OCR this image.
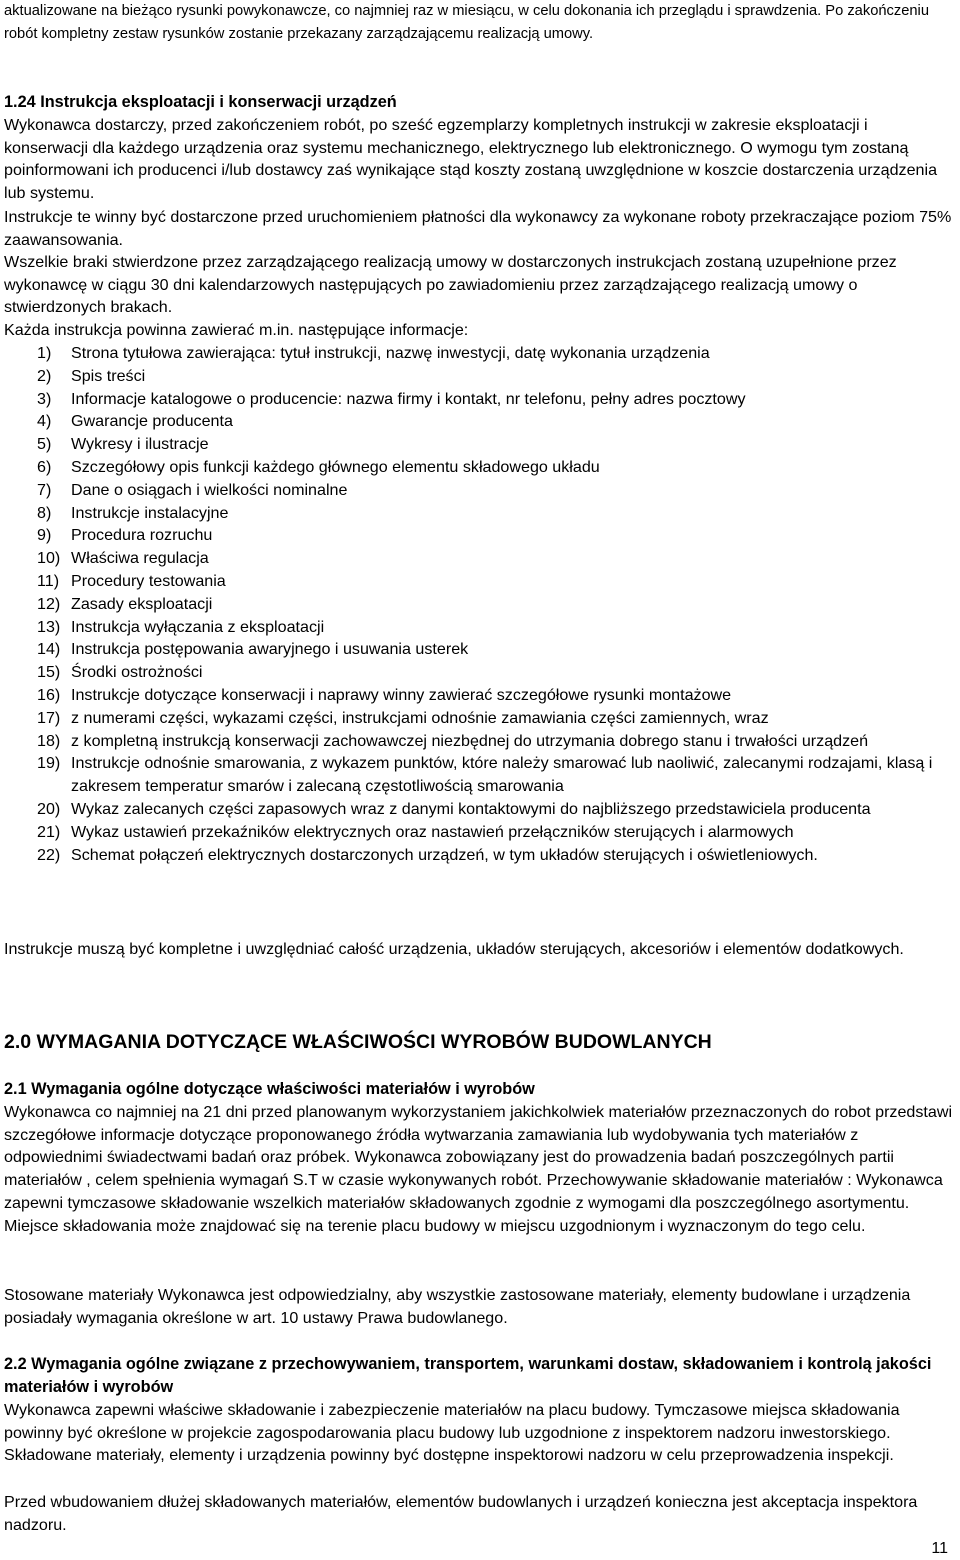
aktualizowane na bieżąco rysunki powykonawcze, co najmniej raz w miesiącu, w celu dokonania ich przeglądu i sprawdzenia. Po zakończeniu robót kompletny zestaw rysunków zostanie przekazany zarządzającemu realizacją umowy.

1.24 Instrukcja eksploatacji i konserwacji urządzeń

Wykonawca dostarczy, przed zakończeniem robót, po sześć egzemplarzy kompletnych instrukcji w zakresie eksploatacji i konserwacji dla każdego urządzenia oraz systemu mechanicznego, elektrycznego lub elektronicznego. O wymogu tym zostaną poinformowani ich producenci i/lub dostawcy zaś wynikające stąd koszty zostaną uwzględnione w koszcie dostarczenia urządzenia lub systemu.

Instrukcje te winny być dostarczone przed uruchomieniem płatności dla wykonawcy za wykonane roboty przekraczające poziom 75% zaawansowania.

Wszelkie braki stwierdzone przez zarządzającego realizacją umowy w dostarczonych instrukcjach zostaną uzupełnione przez wykonawcę w ciągu 30 dni kalendarzowych następujących po zawiadomieniu przez zarządzającego realizacją umowy o stwierdzonych brakach.

Każda instrukcja powinna zawierać m.in. następujące informacje:

1) Strona tytułowa zawierająca: tytuł instrukcji, nazwę inwestycji, datę wykonania urządzenia
2) Spis treści
3) Informacje katalogowe o producencie: nazwa firmy i kontakt, nr telefonu, pełny adres pocztowy
4) Gwarancje producenta
5) Wykresy i ilustracje
6) Szczegółowy opis funkcji każdego głównego elementu składowego układu
7) Dane o osiągach i wielkości nominalne
8) Instrukcje instalacyjne
9) Procedura rozruchu
10) Właściwa regulacja
11) Procedury testowania
12) Zasady eksploatacji
13) Instrukcja wyłączania z eksploatacji
14) Instrukcja postępowania awaryjnego i usuwania usterek
15) Środki ostrożności
16) Instrukcje dotyczące konserwacji i naprawy winny zawierać szczegółowe rysunki montażowe
17) z numerami części, wykazami części, instrukcjami odnośnie zamawiania części zamiennych, wraz
18) z kompletną instrukcją konserwacji zachowawczej niezbędnej do utrzymania dobrego stanu i trwałości urządzeń
19) Instrukcje odnośnie smarowania, z wykazem punktów, które należy smarować lub naoliwić, zalecanymi rodzajami, klasą i zakresem temperatur smarów i zalecaną częstotliwością smarowania
20) Wykaz zalecanych części zapasowych wraz z danymi kontaktowymi do najbliższego przedstawiciela producenta
21) Wykaz ustawień przekaźników elektrycznych oraz nastawień przełączników sterujących i alarmowych
22) Schemat połączeń elektrycznych dostarczonych urządzeń, w tym układów sterujących i oświetleniowych.

Instrukcje muszą być kompletne i uwzględniać całość urządzenia, układów sterujących, akcesoriów i elementów dodatkowych.

2.0 WYMAGANIA DOTYCZĄCE WŁAŚCIWOŚCI WYROBÓW BUDOWLANYCH
2.1 Wymagania ogólne dotyczące właściwości materiałów i wyrobów

Wykonawca co najmniej na 21 dni przed planowanym wykorzystaniem jakichkolwiek materiałów przeznaczonych do robot przedstawi szczegółowe informacje dotyczące proponowanego źródła wytwarzania zamawiania lub wydobywania tych materiałów z odpowiednimi świadectwami badań oraz próbek. Wykonawca zobowiązany jest do prowadzenia badań poszczególnych partii materiałów , celem spełnienia wymagań S.T w czasie wykonywanych robót. Przechowywanie składowanie materiałów : Wykonawca zapewni tymczasowe składowanie wszelkich materiałów składowanych zgodnie z wymogami dla poszczególnego asortymentu. Miejsce składowania może znajdować się na terenie placu budowy w miejscu uzgodnionym i wyznaczonym do tego celu.

Stosowane materiały Wykonawca jest odpowiedzialny, aby wszystkie zastosowane materiały, elementy budowlane i urządzenia posiadały wymagania określone w art. 10 ustawy Prawa budowlanego.

2.2 Wymagania ogólne związane z przechowywaniem, transportem, warunkami dostaw, składowaniem i kontrolą jakości materiałów i wyrobów

Wykonawca zapewni właściwe składowanie i zabezpieczenie materiałów na placu budowy. Tymczasowe miejsca składowania powinny być określone w projekcie zagospodarowania placu budowy lub uzgodnione z inspektorem nadzoru inwestorskiego. Składowane materiały, elementy i urządzenia powinny być dostępne inspektorowi nadzoru w celu przeprowadzenia inspekcji.

Przed wbudowaniem dłużej składowanych materiałów, elementów budowlanych i urządzeń konieczna jest akceptacja inspektora nadzoru.

11
